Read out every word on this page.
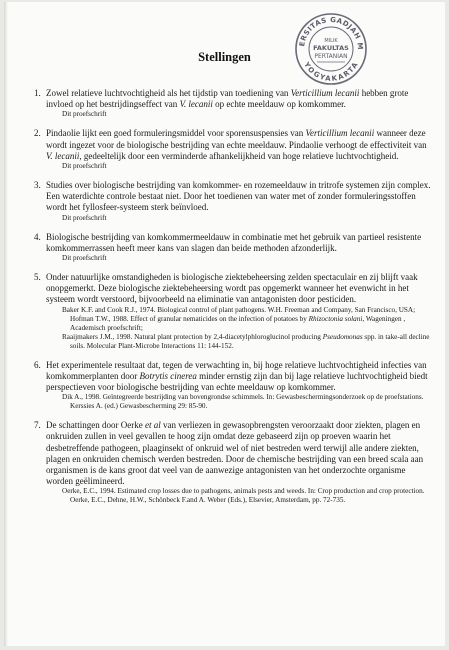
ERSITAS GADJAH M
YOGYAKARTA
MILIK
FAKULTAS
PERTANIAN
Stellingen
1. Zowel relatieve luchtvochtigheid als het tijdstip van toediening van Verticillium lecanii hebben grote invloed op het bestrijdingseffect van V. lecanii op echte meeldauw op komkommer.
Dit proefschrift
2. Pindaolie lijkt een goed formuleringsmiddel voor sporensuspensies van Verticillium lecanii wanneer deze wordt ingezet voor de biologische bestrijding van echte meeldauw. Pindaolie verhoogt de effectiviteit van V. lecanii, gedeeltelijk door een verminderde afhankelijkheid van hoge relatieve luchtvochtigheid.
Dit proefschrift
3. Studies over biologische bestrijding van komkommer- en rozemeeldauw in tritrofe systemen zijn complex. Een waterdichte controle bestaat niet. Door het toedienen van water met of zonder formuleringsstoffen wordt het fyllosfeer-systeem sterk beïnvloed.
Dit proefschrift
4. Biologische bestrijding van komkommermeeldauw in combinatie met het gebruik van partieel resistente komkommerrassen heeft meer kans van slagen dan beide methoden afzonderlijk.
Dit proefschrift
5. Onder natuurlijke omstandigheden is biologische ziektebeheersing zelden spectaculair en zij blijft vaak onopgemerkt. Deze biologische ziektebeheersing wordt pas opgemerkt wanneer het evenwicht in het systeem wordt verstoord, bijvoorbeeld na eliminatie van antagonisten door pesticiden.
Baker K.F. and Cook R.J., 1974. Biological control of plant pathogens. W.H. Freeman and Company, San Francisco, USA; Hofman T.W., 1988. Effect of granular nematicides on the infection of potatoes by Rhizoctonia solani, Wageningen , Academisch proefschrift;
Raaijmakers J.M., 1998. Natural plant protection by 2,4-diacetylphloroglucinol producing Pseudomonas spp. in take-all decline soils. Molecular Plant-Microbe Interactions 11: 144-152.
6. Het experimentele resultaat dat, tegen de verwachting in, bij hoge relatieve luchtvochtigheid infecties van komkommerplanten door Botrytis cinerea minder ernstig zijn dan bij lage relatieve luchtvochtigheid biedt perspectieven voor biologische bestrijding van echte meeldauw op komkommer.
Dik A., 1998. Geïntegreerde bestrijding van bovengrondse schimmels. In: Gewasbeschermingsonderzoek op de proefstations. Kerssies A. (ed.) Gewasbescherming 29: 85-90.
7. De schattingen door Oerke et al van verliezen in gewasopbrengsten veroorzaakt door ziekten, plagen en onkruiden zullen in veel gevallen te hoog zijn omdat deze gebaseerd zijn op proeven waarin het desbetreffende pathogeen, plaaginsekt of onkruid wel of niet bestreden werd terwijl alle andere ziekten, plagen en onkruiden chemisch werden bestreden. Door de chemische bestrijding van een breed scala aan organismen is de kans groot dat veel van de aanwezige antagonisten van het onderzochte organisme worden geëlimineerd.
Oerke, E.C., 1994. Estimated crop losses due to pathogens, animals pests and weeds. In: Crop production and crop protection. Oerke, E.C., Dehne, H.W., Schönbeck F.and A. Weber (Eds.), Elsevier, Amsterdam, pp. 72-735.
